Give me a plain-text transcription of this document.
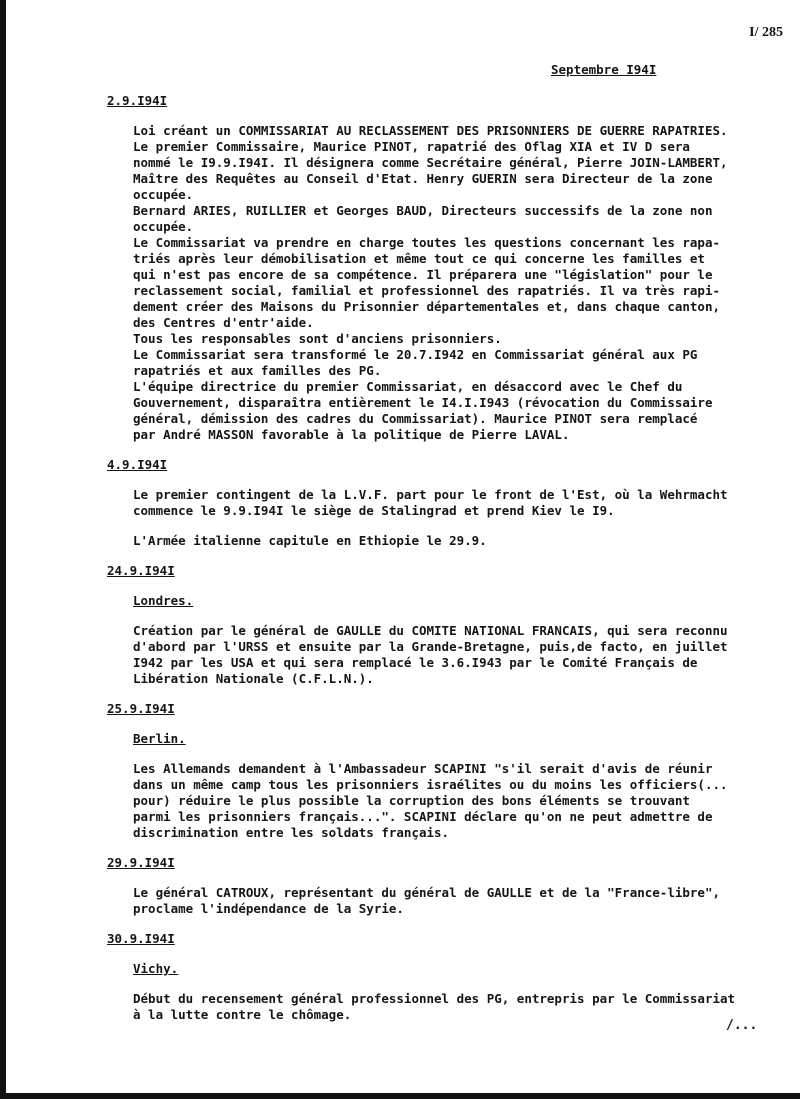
I/ 285
Septembre I94I
2.9.I94I
Loi créant un COMMISSARIAT AU RECLASSEMENT DES PRISONNIERS DE GUERRE RAPATRIES.
Le premier Commissaire, Maurice PINOT, rapatrié des Oflag XIA et IV D sera
nommé le I9.9.I94I. Il désignera comme Secrétaire général, Pierre JOIN-LAMBERT,
Maître des Requêtes au Conseil d'Etat. Henry GUERIN sera Directeur de la zone
occupée.
Bernard ARIES, RUILLIER et Georges BAUD, Directeurs successifs de la zone non
occupée.
Le Commissariat va prendre en charge toutes les questions concernant les rapa-
triés après leur démobilisation et même tout ce qui concerne les familles et
qui n'est pas encore de sa compétence. Il préparera une "législation" pour le
reclassement social, familial et professionnel des rapatriés. Il va très rapi-
dement créer des Maisons du Prisonnier départementales et, dans chaque canton,
des Centres d'entr'aide.
Tous les responsables sont d'anciens prisonniers.
Le Commissariat sera transformé le 20.7.I942 en Commissariat général aux PG
rapatriés et aux familles des PG.
L'équipe directrice du premier Commissariat, en désaccord avec le Chef du
Gouvernement, disparaîtra entièrement le I4.I.I943 (révocation du Commissaire
général, démission des cadres du Commissariat). Maurice PINOT sera remplacé
par André MASSON favorable à la politique de Pierre LAVAL.
4.9.I94I
Le premier contingent de la L.V.F. part pour le front de l'Est, où la Wehrmacht
commence le 9.9.I94I le siège de Stalingrad et prend Kiev le I9.
L'Armée italienne capitule en Ethiopie le 29.9.
24.9.I94I
Londres.
Création par le général de GAULLE du COMITE NATIONAL FRANCAIS, qui sera reconnu
d'abord par l'URSS et ensuite par la Grande-Bretagne, puis,de facto, en juillet
I942 par les USA et qui sera remplacé le 3.6.I943 par le Comité Français de
Libération Nationale (C.F.L.N.).
25.9.I94I
Berlin.
Les Allemands demandent à l'Ambassadeur SCAPINI "s'il serait d'avis de réunir
dans un même camp tous les prisonniers israélites ou du moins les officiers(...
pour) réduire le plus possible la corruption des bons éléments se trouvant
parmi les prisonniers français...". SCAPINI déclare qu'on ne peut admettre de
discrimination entre les soldats français.
29.9.I94I
Le général CATROUX, représentant du général de GAULLE et de la "France-libre",
proclame l'indépendance de la Syrie.
30.9.I94I
Vichy.
Début du recensement général professionnel des PG, entrepris par le Commissariat
à la lutte contre le chômage.
/...
